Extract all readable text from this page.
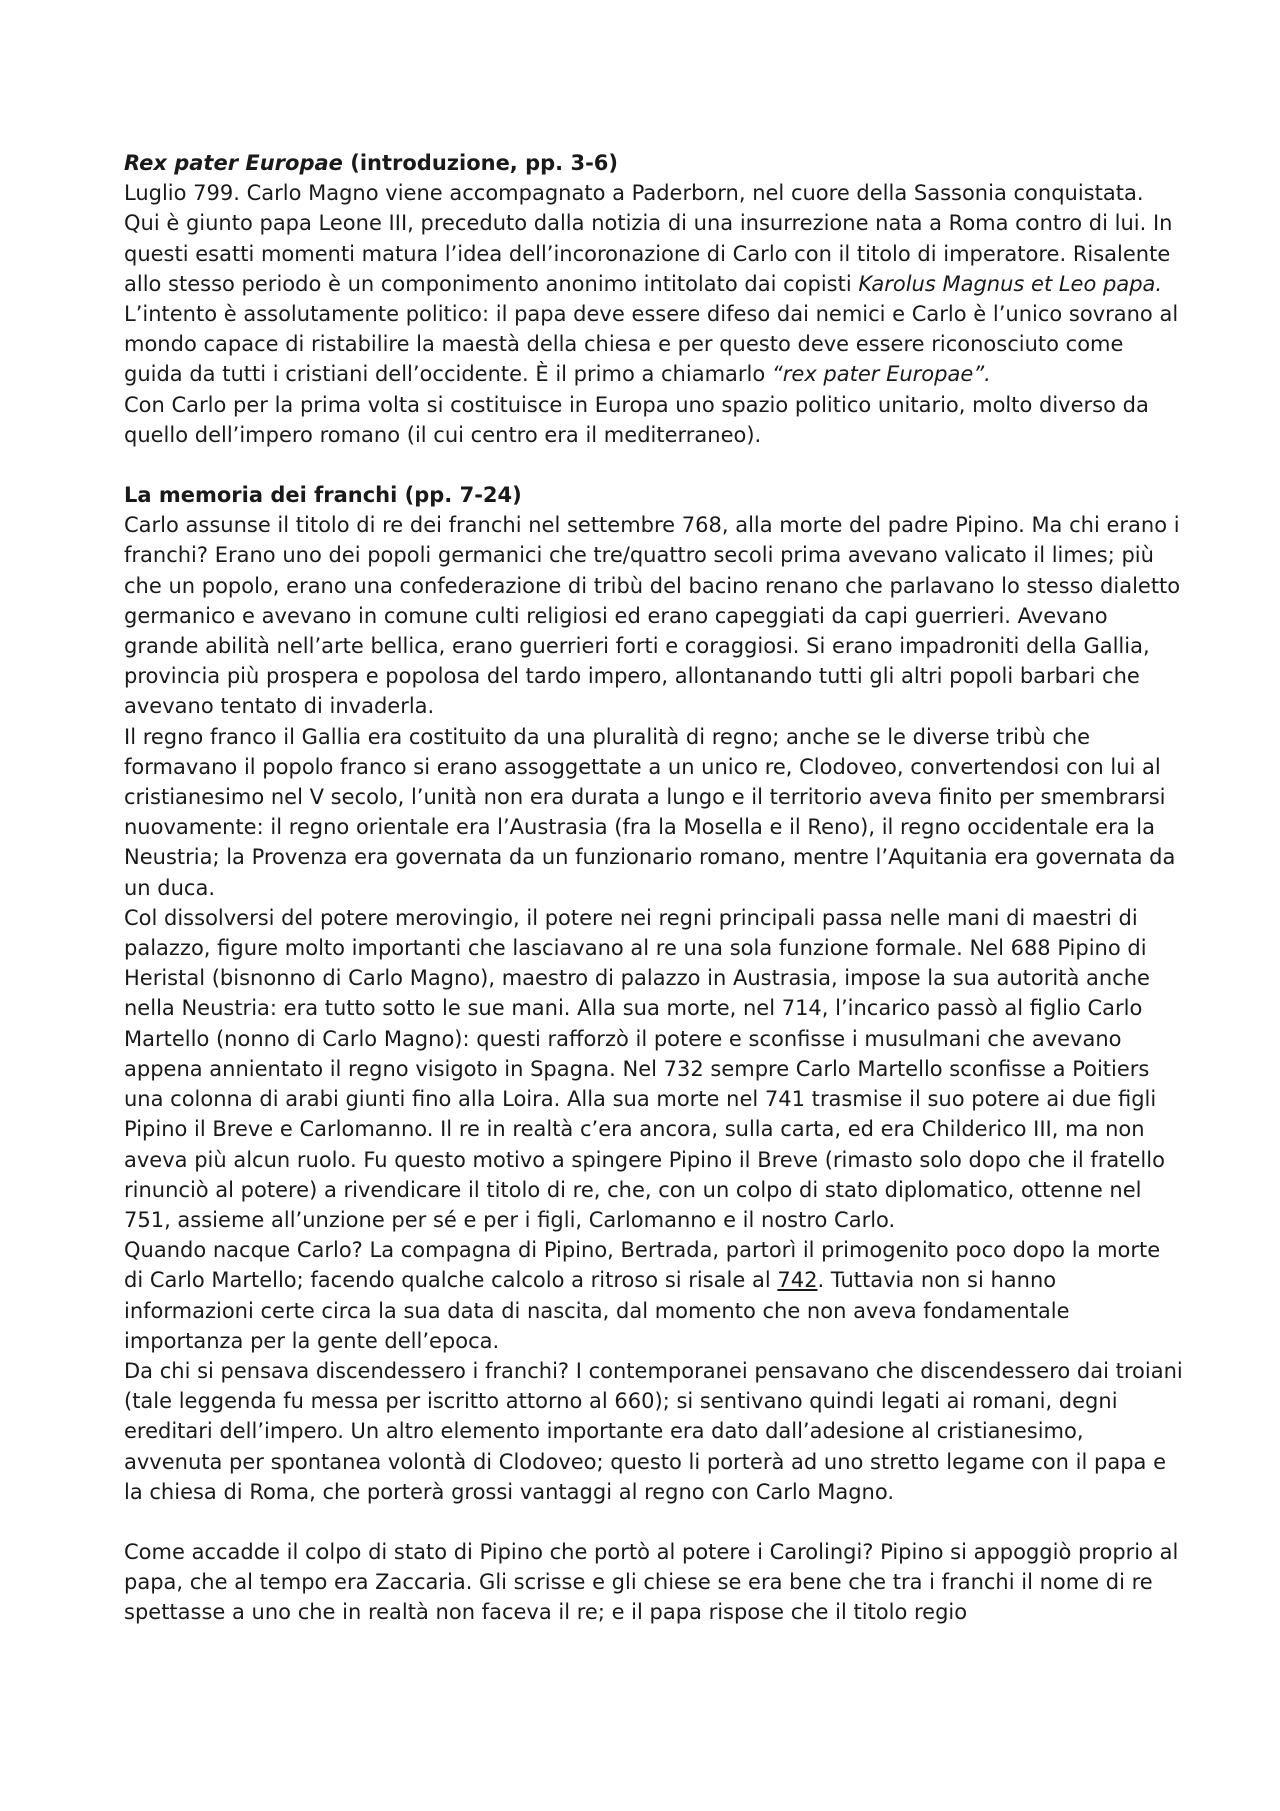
Rex pater Europae (introduzione, pp. 3-6)

Luglio 799. Carlo Magno viene accompagnato a Paderborn, nel cuore della Sassonia conquistata. Qui è giunto papa Leone III, preceduto dalla notizia di una insurrezione nata a Roma contro di lui. In questi esatti momenti matura l’idea dell’incoronazione di Carlo con il titolo di imperatore. Risalente allo stesso periodo è un componimento anonimo intitolato dai copisti Karolus Magnus et Leo papa. L’intento è assolutamente politico: il papa deve essere difeso dai nemici e Carlo è l’unico sovrano al mondo capace di ristabilire la maestà della chiesa e per questo deve essere riconosciuto come guida da tutti i cristiani dell’occidente. È il primo a chiamarlo “rex pater Europae”.

Con Carlo per la prima volta si costituisce in Europa uno spazio politico unitario, molto diverso da quello dell’impero romano (il cui centro era il mediterraneo).

La memoria dei franchi (pp. 7-24)

Carlo assunse il titolo di re dei franchi nel settembre 768, alla morte del padre Pipino. Ma chi erano i franchi? Erano uno dei popoli germanici che tre/quattro secoli prima avevano valicato il limes; più che un popolo, erano una confederazione di tribù del bacino renano che parlavano lo stesso dialetto germanico e avevano in comune culti religiosi ed erano capeggiati da capi guerrieri. Avevano grande abilità nell’arte bellica, erano guerrieri forti e coraggiosi. Si erano impadroniti della Gallia, provincia più prospera e popolosa del tardo impero, allontanando tutti gli altri popoli barbari che avevano tentato di invaderla.

Il regno franco il Gallia era costituito da una pluralità di regno; anche se le diverse tribù che formavano il popolo franco si erano assoggettate a un unico re, Clodoveo, convertendosi con lui al cristianesimo nel V secolo, l’unità non era durata a lungo e il territorio aveva finito per smembrarsi nuovamente: il regno orientale era l’Austrasia (fra la Mosella e il Reno), il regno occidentale era la Neustria; la Provenza era governata da un funzionario romano, mentre l’Aquitania era governata da un duca.

Col dissolversi del potere merovingio, il potere nei regni principali passa nelle mani di maestri di palazzo, figure molto importanti che lasciavano al re una sola funzione formale. Nel 688 Pipino di Heristal (bisnonno di Carlo Magno), maestro di palazzo in Austrasia, impose la sua autorità anche nella Neustria: era tutto sotto le sue mani. Alla sua morte, nel 714, l’incarico passò al figlio Carlo Martello (nonno di Carlo Magno): questi rafforzò il potere e sconfisse i musulmani che avevano appena annientato il regno visigoto in Spagna. Nel 732 sempre Carlo Martello sconfisse a Poitiers una colonna di arabi giunti fino alla Loira. Alla sua morte nel 741 trasmise il suo potere ai due figli Pipino il Breve e Carlomanno. Il re in realtà c’era ancora, sulla carta, ed era Childerico III, ma non aveva più alcun ruolo. Fu questo motivo a spingere Pipino il Breve (rimasto solo dopo che il fratello rinunciò al potere) a rivendicare il titolo di re, che, con un colpo di stato diplomatico, ottenne nel 751, assieme all’unzione per sé e per i figli, Carlomanno e il nostro Carlo.

Quando nacque Carlo? La compagna di Pipino, Bertrada, partorì il primogenito poco dopo la morte di Carlo Martello; facendo qualche calcolo a ritroso si risale al 742. Tuttavia non si hanno informazioni certe circa la sua data di nascita, dal momento che non aveva fondamentale importanza per la gente dell’epoca.

Da chi si pensava discendessero i franchi? I contemporanei pensavano che discendessero dai troiani (tale leggenda fu messa per iscritto attorno al 660); si sentivano quindi legati ai romani, degni ereditari dell’impero. Un altro elemento importante era dato dall’adesione al cristianesimo, avvenuta per spontanea volontà di Clodoveo; questo li porterà ad uno stretto legame con il papa e la chiesa di Roma, che porterà grossi vantaggi al regno con Carlo Magno.

Come accadde il colpo di stato di Pipino che portò al potere i Carolingi? Pipino si appoggiò proprio al papa, che al tempo era Zaccaria. Gli scrisse e gli chiese se era bene che tra i franchi il nome di re spettasse a uno che in realtà non faceva il re; e il papa rispose che il titolo regio
